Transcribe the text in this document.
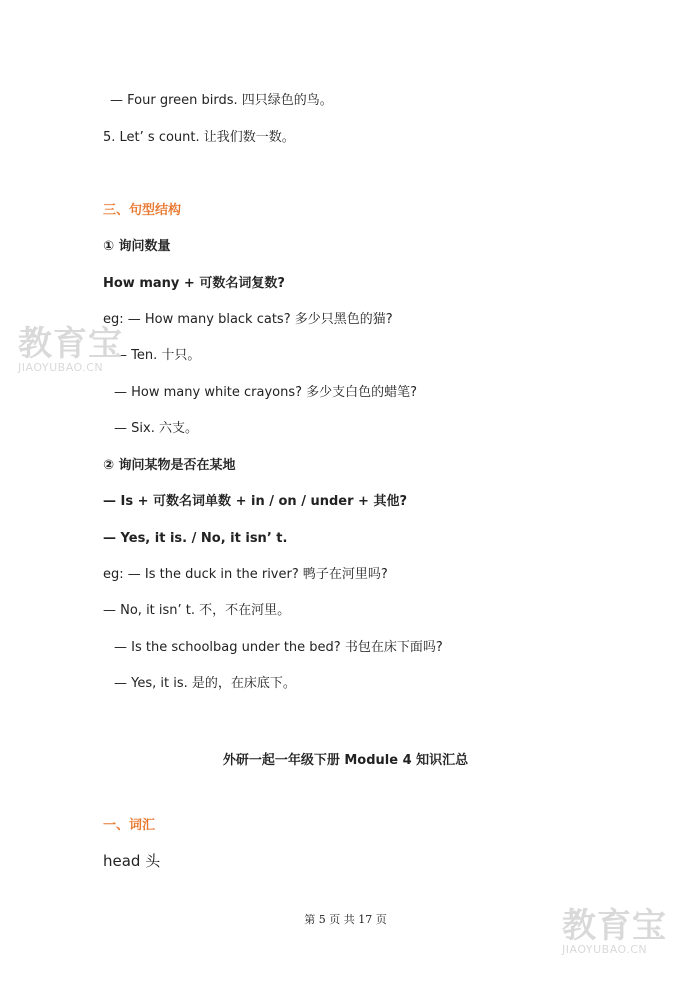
— Four green birds. 四只绿色的鸟。
5. Let’ s count. 让我们数一数。
三、句型结构
① 询问数量
How many + 可数名词复数?
eg: — How many black cats? 多少只黑色的猫?
— Ten. 十只。
— How many white crayons? 多少支白色的蜡笔?
— Six. 六支。
② 询问某物是否在某地
— Is + 可数名词单数 + in / on / under + 其他?
— Yes, it is. / No, it isn’ t.
eg: — Is the duck in the river? 鸭子在河里吗?
— No, it isn’ t. 不，不在河里。
— Is the schoolbag under the bed? 书包在床下面吗?
— Yes, it is. 是的，在床底下。
外研一起一年级下册 Module 4 知识汇总
一、词汇
head 头
第 5 页 共 17 页
教育宝
JIAOYUBAO.CN
教育宝
JIAOYUBAO.CN
